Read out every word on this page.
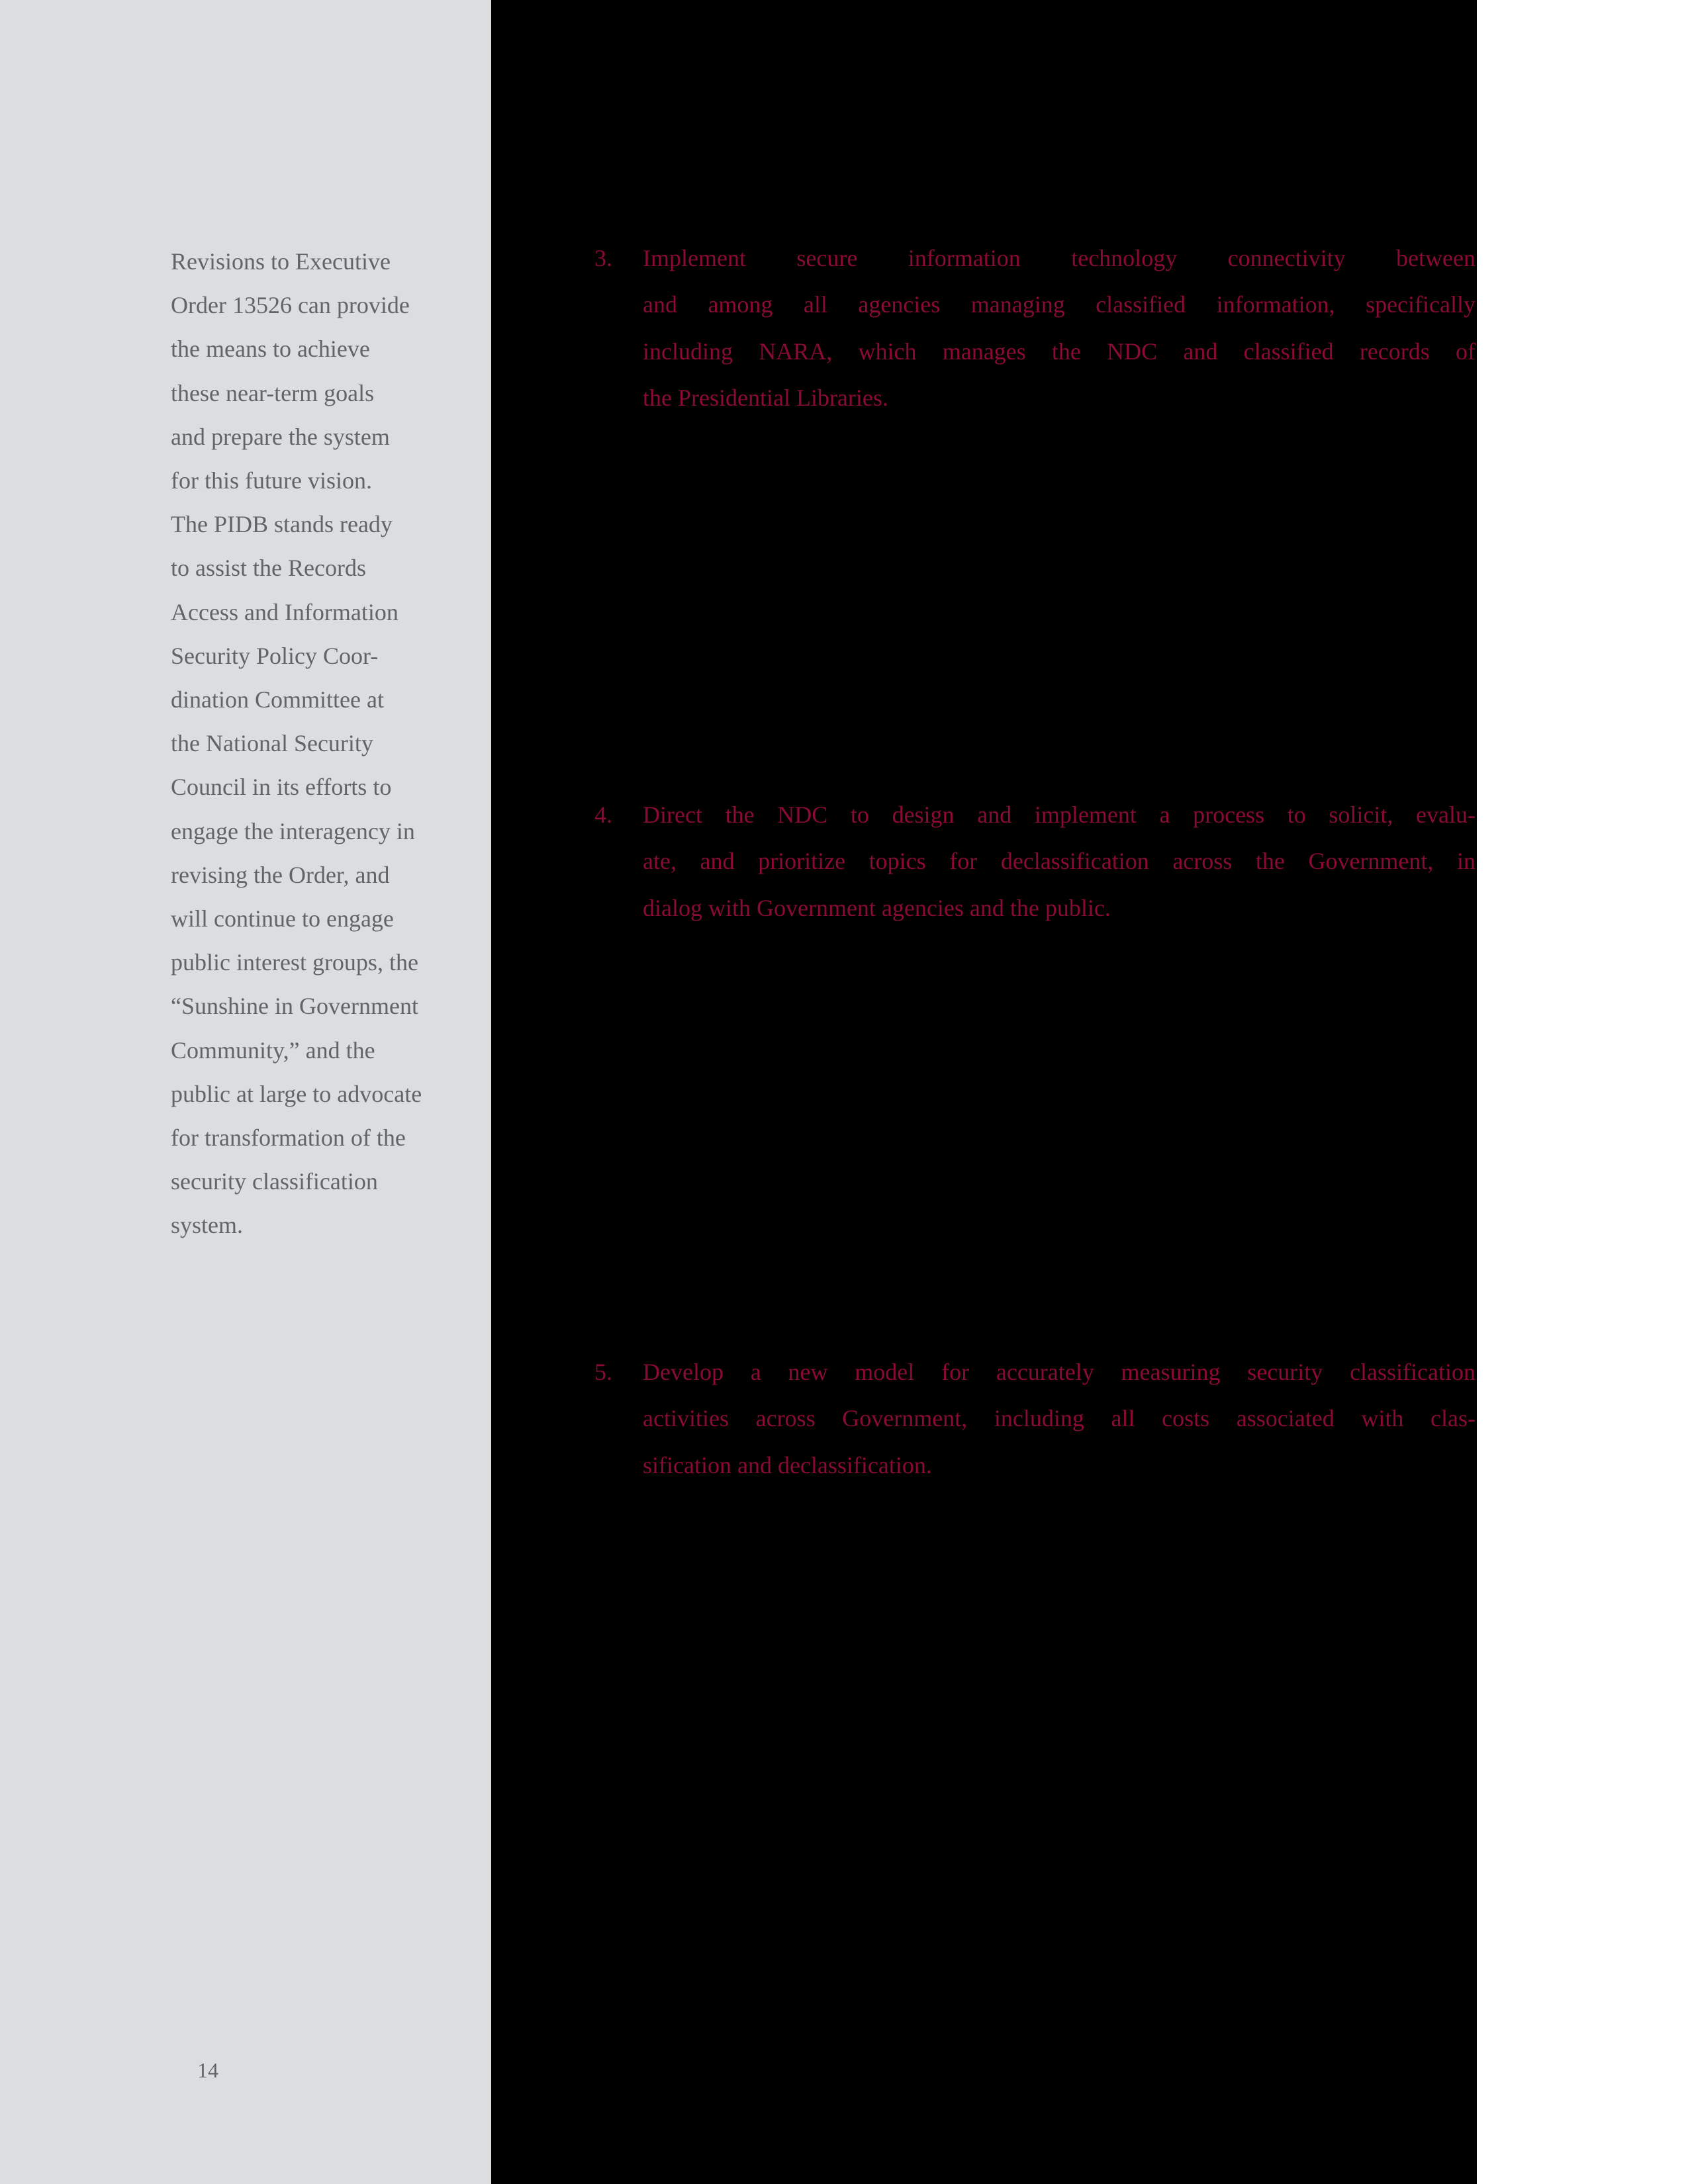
Revisions to Executive
Order 13526 can provide
the means to achieve
these near-term goals
and prepare the system
for this future vision.
The PIDB stands ready
to assist the Records
Access and Information
Security Policy Coor-
dination Committee at
the National Security
Council in its efforts to
engage the interagency in
revising the Order, and
will continue to engage
public interest groups, the
“Sunshine in Government
Community,” and the
public at large to advocate
for transformation of the
security classification
system.
14
3. Implement secure information technology connectivity between
and among all agencies managing classified information, specifically
including NARA, which manages the NDC and classified records of
the Presidential Libraries.
4. Direct the NDC to design and implement a process to solicit, evalu-
ate, and prioritize topics for declassification across the Government, in
dialog with Government agencies and the public.
5. Develop a new model for accurately measuring security classification
activities across Government, including all costs associated with clas-
sification and declassification.
